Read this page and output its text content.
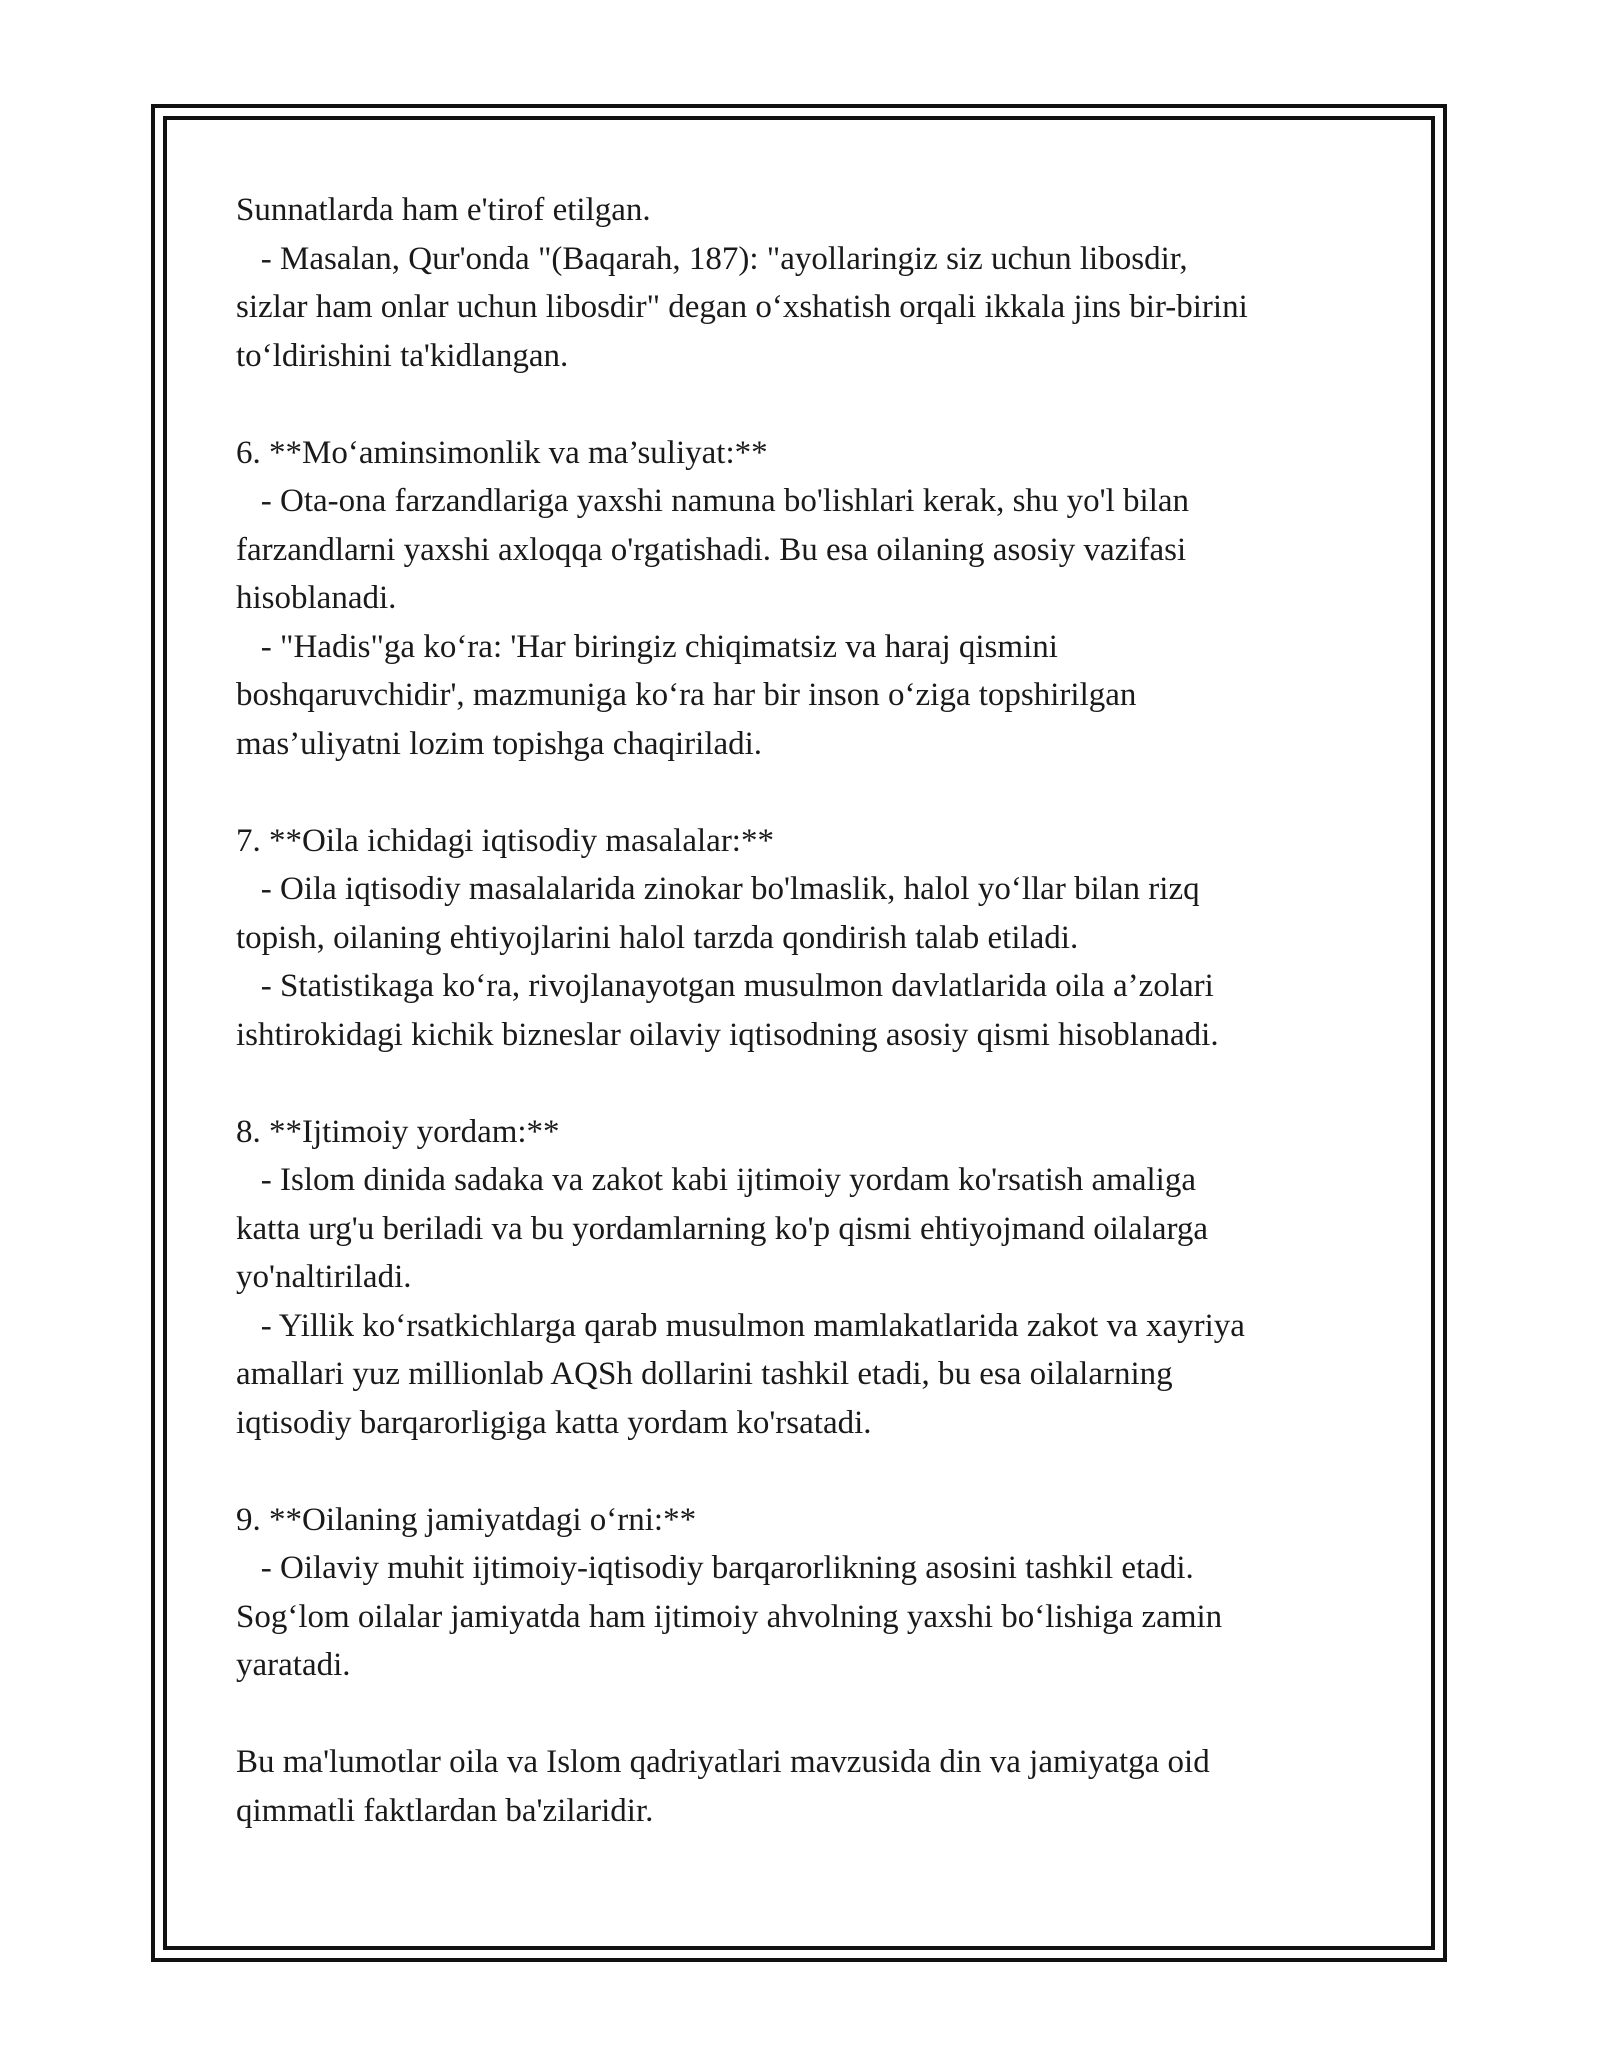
Sunnatlarda ham e'tirof etilgan.
- Masalan, Qur'onda "(Baqarah, 187): "ayollaringiz siz uchun libosdir,
sizlar ham onlar uchun libosdir" degan o‘xshatish orqali ikkala jins bir-birini
to‘ldirishini ta'kidlangan.
6. **Mo‘aminsimonlik va ma’suliyat:**
- Ota-ona farzandlariga yaxshi namuna bo'lishlari kerak, shu yo'l bilan
farzandlarni yaxshi axloqqa o'rgatishadi. Bu esa oilaning asosiy vazifasi
hisoblanadi.
- "Hadis"ga ko‘ra: 'Har biringiz chiqimatsiz va haraj qismini
boshqaruvchidir', mazmuniga ko‘ra har bir inson o‘ziga topshirilgan
mas’uliyatni lozim topishga chaqiriladi.
7. **Oila ichidagi iqtisodiy masalalar:**
- Oila iqtisodiy masalalarida zinokar bo'lmaslik, halol yo‘llar bilan rizq
topish, oilaning ehtiyojlarini halol tarzda qondirish talab etiladi.
- Statistikaga ko‘ra, rivojlanayotgan musulmon davlatlarida oila a’zolari
ishtirokidagi kichik bizneslar oilaviy iqtisodning asosiy qismi hisoblanadi.
8. **Ijtimoiy yordam:**
- Islom dinida sadaka va zakot kabi ijtimoiy yordam ko'rsatish amaliga
katta urg'u beriladi va bu yordamlarning ko'p qismi ehtiyojmand oilalarga
yo'naltiriladi.
- Yillik ko‘rsatkichlarga qarab musulmon mamlakatlarida zakot va xayriya
amallari yuz millionlab AQSh dollarini tashkil etadi, bu esa oilalarning
iqtisodiy barqarorligiga katta yordam ko'rsatadi.
9. **Oilaning jamiyatdagi o‘rni:**
- Oilaviy muhit ijtimoiy-iqtisodiy barqarorlikning asosini tashkil etadi.
Sog‘lom oilalar jamiyatda ham ijtimoiy ahvolning yaxshi bo‘lishiga zamin
yaratadi.
Bu ma'lumotlar oila va Islom qadriyatlari mavzusida din va jamiyatga oid
qimmatli faktlardan ba'zilaridir.
